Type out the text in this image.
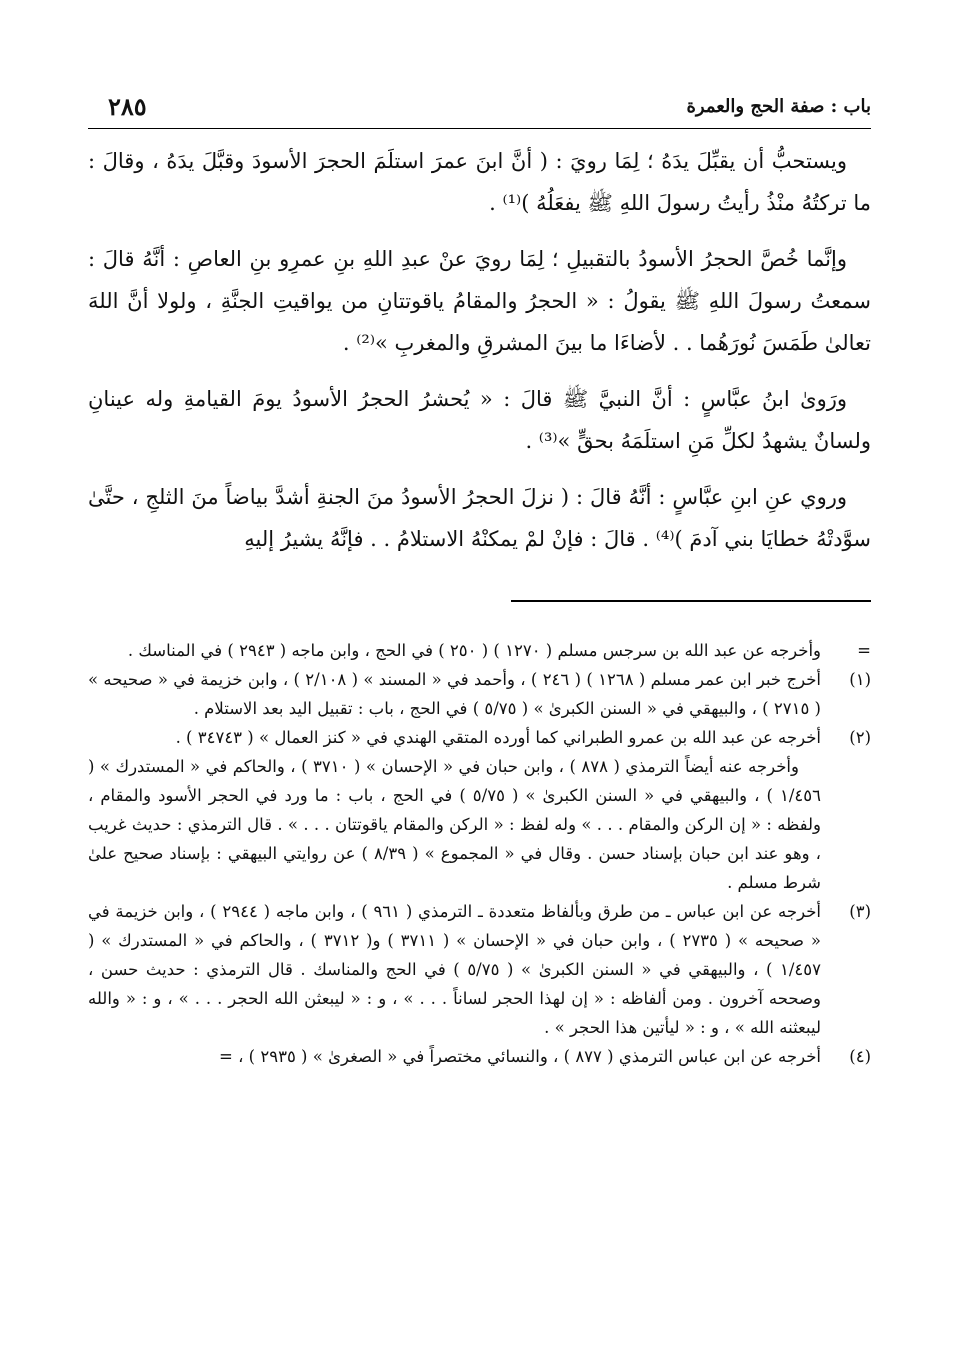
٢٨٥	باب : صفة الحج والعمرة

ويستحبُّ أن يقبِّلَ يدَهُ ؛ لِمَا رويَ : ( أنَّ ابنَ عمرَ استلَمَ الحجرَ الأسودَ وقبَّلَ يدَهُ ، وقالَ : ما تركتُهُ منْذُ رأيتُ رسولَ اللهِ ﷺ يفعَلُهُ )⁽¹⁾ .

وإنَّما خُصَّ الحجرُ الأسودُ بالتقبيلِ ؛ لِمَا رويَ عنْ عبدِ اللهِ بنِ عمرِو بنِ العاصِ : أنَّهُ قالَ : سمعتُ رسولَ اللهِ ﷺ يقولُ : « الحجرُ والمقامُ ياقوتتانِ من يواقيتِ الجنَّةِ ، ولولا أنَّ اللهَ تعالىٰ طَمَسَ نُورَهُما . . لأضاءَا ما بينَ المشرقِ والمغربِ »⁽²⁾ .

ورَوىٰ ابنُ عبَّاسٍ : أنَّ النبيَّ ﷺ قالَ : « يُحشرُ الحجرُ الأسودُ يومَ القيامةِ وله عينانِ ولسانٌ يشهدُ لكلِّ مَنِ استلَمَهُ بحقٍّ »⁽³⁾ .

وروي عنِ ابنِ عبَّاسٍ : أنَّهُ قالَ : ( نزلَ الحجرُ الأسودُ منَ الجنةِ أشدَّ بياضاً منَ الثلجِ ، حتَّىٰ سوَّدتْهُ خطايَا بني آدمَ )⁽⁴⁾ . قالَ : فإنْ لمْ يمكنْهُ الاستلامُ . . فإنَّهُ يشيرُ إليهِ

=
وأخرجه عن عبد الله بن سرجس مسلم ( ١٢٧٠ ) ( ٢٥٠ ) في الحج ، وابن ماجه ( ٢٩٤٣ ) في المناسك .
(١)
أخرج خبر ابن عمر مسلم ( ١٢٦٨ ) ( ٢٤٦ ) ، وأحمد في « المسند » ( ٢/١٠٨ ) ، وابن خزيمة في « صحيحه » ( ٢٧١٥ ) ، والبيهقي في « السنن الكبرىٰ » ( ٥/٧٥ ) في الحج ، باب : تقبيل اليد بعد الاستلام .
(٢)
أخرجه عن عبد الله بن عمرو الطبراني كما أورده المتقي الهندي في « كنز العمال » ( ٣٤٧٤٣ ) .

وأخرجه عنه أيضاً الترمذي ( ٨٧٨ ) ، وابن حبان في « الإحسان » ( ٣٧١٠ ) ، والحاكم في « المستدرك » ( ١/٤٥٦ ) ، والبيهقي في « السنن الكبرىٰ » ( ٥/٧٥ ) في الحج ، باب : ما ورد في الحجر الأسود والمقام ، ولفظه : « إن الركن والمقام . . . » وله لفظ : « الركن والمقام ياقوتتان . . . » . قال الترمذي : حديث غريب ، وهو عند ابن حبان بإسناد حسن . وقال في « المجموع » ( ٨/٣٩ ) عن روايتي البيهقي : بإسناد صحيح علىٰ شرط مسلم .

(٣)
أخرجه عن ابن عباس ـ من طرق وبألفاظ متعددة ـ الترمذي ( ٩٦١ ) ، وابن ماجه ( ٢٩٤٤ ) ، وابن خزيمة في « صحيحه » ( ٢٧٣٥ ) ، وابن حبان في « الإحسان » ( ٣٧١١ ) و( ٣٧١٢ ) ، والحاكم في « المستدرك » ( ١/٤٥٧ ) ، والبيهقي في « السنن الكبرىٰ » ( ٥/٧٥ ) في الحج والمناسك . قال الترمذي : حديث حسن ، وصححه آخرون . ومن ألفاظه : « إن لهذا الحجر لساناً . . . » ، و : « ليبعثن الله الحجر . . . » ، و : « والله ليبعثنه الله » ، و : « ليأتين هذا الحجر » .
(٤)
أخرجه عن ابن عباس الترمذي ( ٨٧٧ ) ، والنسائي مختصراً في « الصغرىٰ » ( ٢٩٣٥ ) ، =
